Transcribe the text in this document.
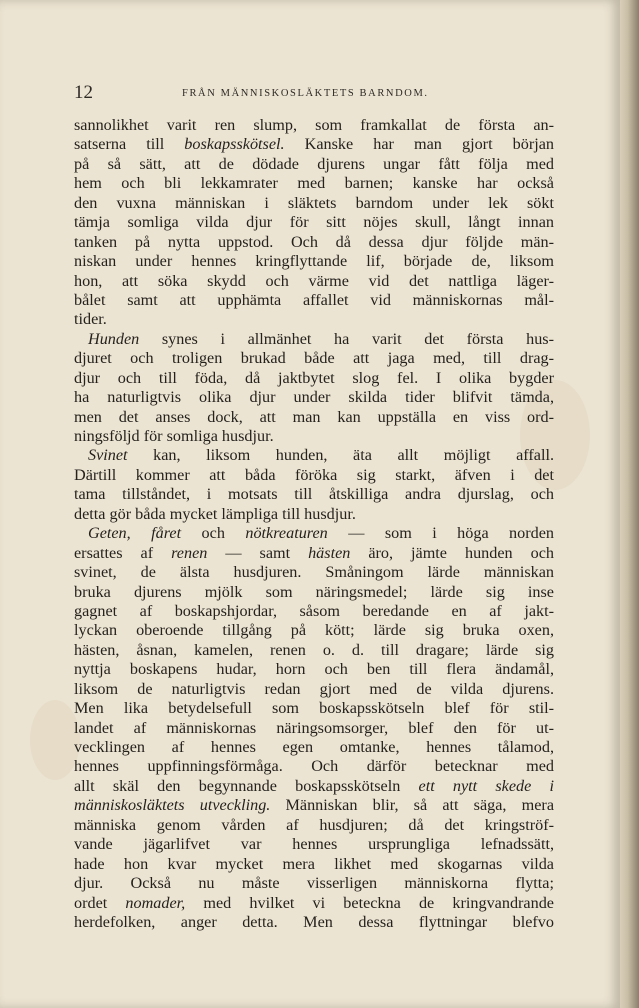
12	FRÅN MÄNNISKOSLÄKTETS BARNDOM.
sannolikhet varit ren slump, som framkallat de första an-
satserna till boskapsskötsel. Kanske har man gjort början
på så sätt, att de dödade djurens ungar fått följa med
hem och bli lekkamrater med barnen; kanske har också
den vuxna människan i släktets barndom under lek sökt
tämja somliga vilda djur för sitt nöjes skull, långt innan
tanken på nytta uppstod. Och då dessa djur följde män-
niskan under hennes kringflyttande lif, började de, liksom
hon, att söka skydd och värme vid det nattliga läger-
bålet samt att upphämta affallet vid människornas mål-
tider.
Hunden synes i allmänhet ha varit det första hus-
djuret och troligen brukad både att jaga med, till drag-
djur och till föda, då jaktbytet slog fel. I olika bygder
ha naturligtvis olika djur under skilda tider blifvit tämda,
men det anses dock, att man kan uppställa en viss ord-
ningsföljd för somliga husdjur.
Svinet kan, liksom hunden, äta allt möjligt affall.
Därtill kommer att båda föröka sig starkt, äfven i det
tama tillståndet, i motsats till åtskilliga andra djurslag, och
detta gör båda mycket lämpliga till husdjur.
Geten, fåret och nötkreaturen — som i höga norden
ersattes af renen — samt hästen äro, jämte hunden och
svinet, de älsta husdjuren. Småningom lärde människan
bruka djurens mjölk som näringsmedel; lärde sig inse
gagnet af boskapshjordar, såsom beredande en af jakt-
lyckan oberoende tillgång på kött; lärde sig bruka oxen,
hästen, åsnan, kamelen, renen o. d. till dragare; lärde sig
nyttja boskapens hudar, horn och ben till flera ändamål,
liksom de naturligtvis redan gjort med de vilda djurens.
Men lika betydelsefull som boskapsskötseln blef för stil-
landet af människornas näringsomsorger, blef den för ut-
vecklingen af hennes egen omtanke, hennes tålamod,
hennes uppfinningsförmåga. Och därför betecknar med
allt skäl den begynnande boskapsskötseln ett nytt skede i
människosläktets utveckling. Människan blir, så att säga, mera
människa genom vården af husdjuren; då det kringströf-
vande jägarlifvet var hennes ursprungliga lefnadssätt,
hade hon kvar mycket mera likhet med skogarnas vilda
djur. Också nu måste visserligen människorna flytta;
ordet nomader, med hvilket vi beteckna de kringvandrande
herdefolken, anger detta. Men dessa flyttningar blefvo
